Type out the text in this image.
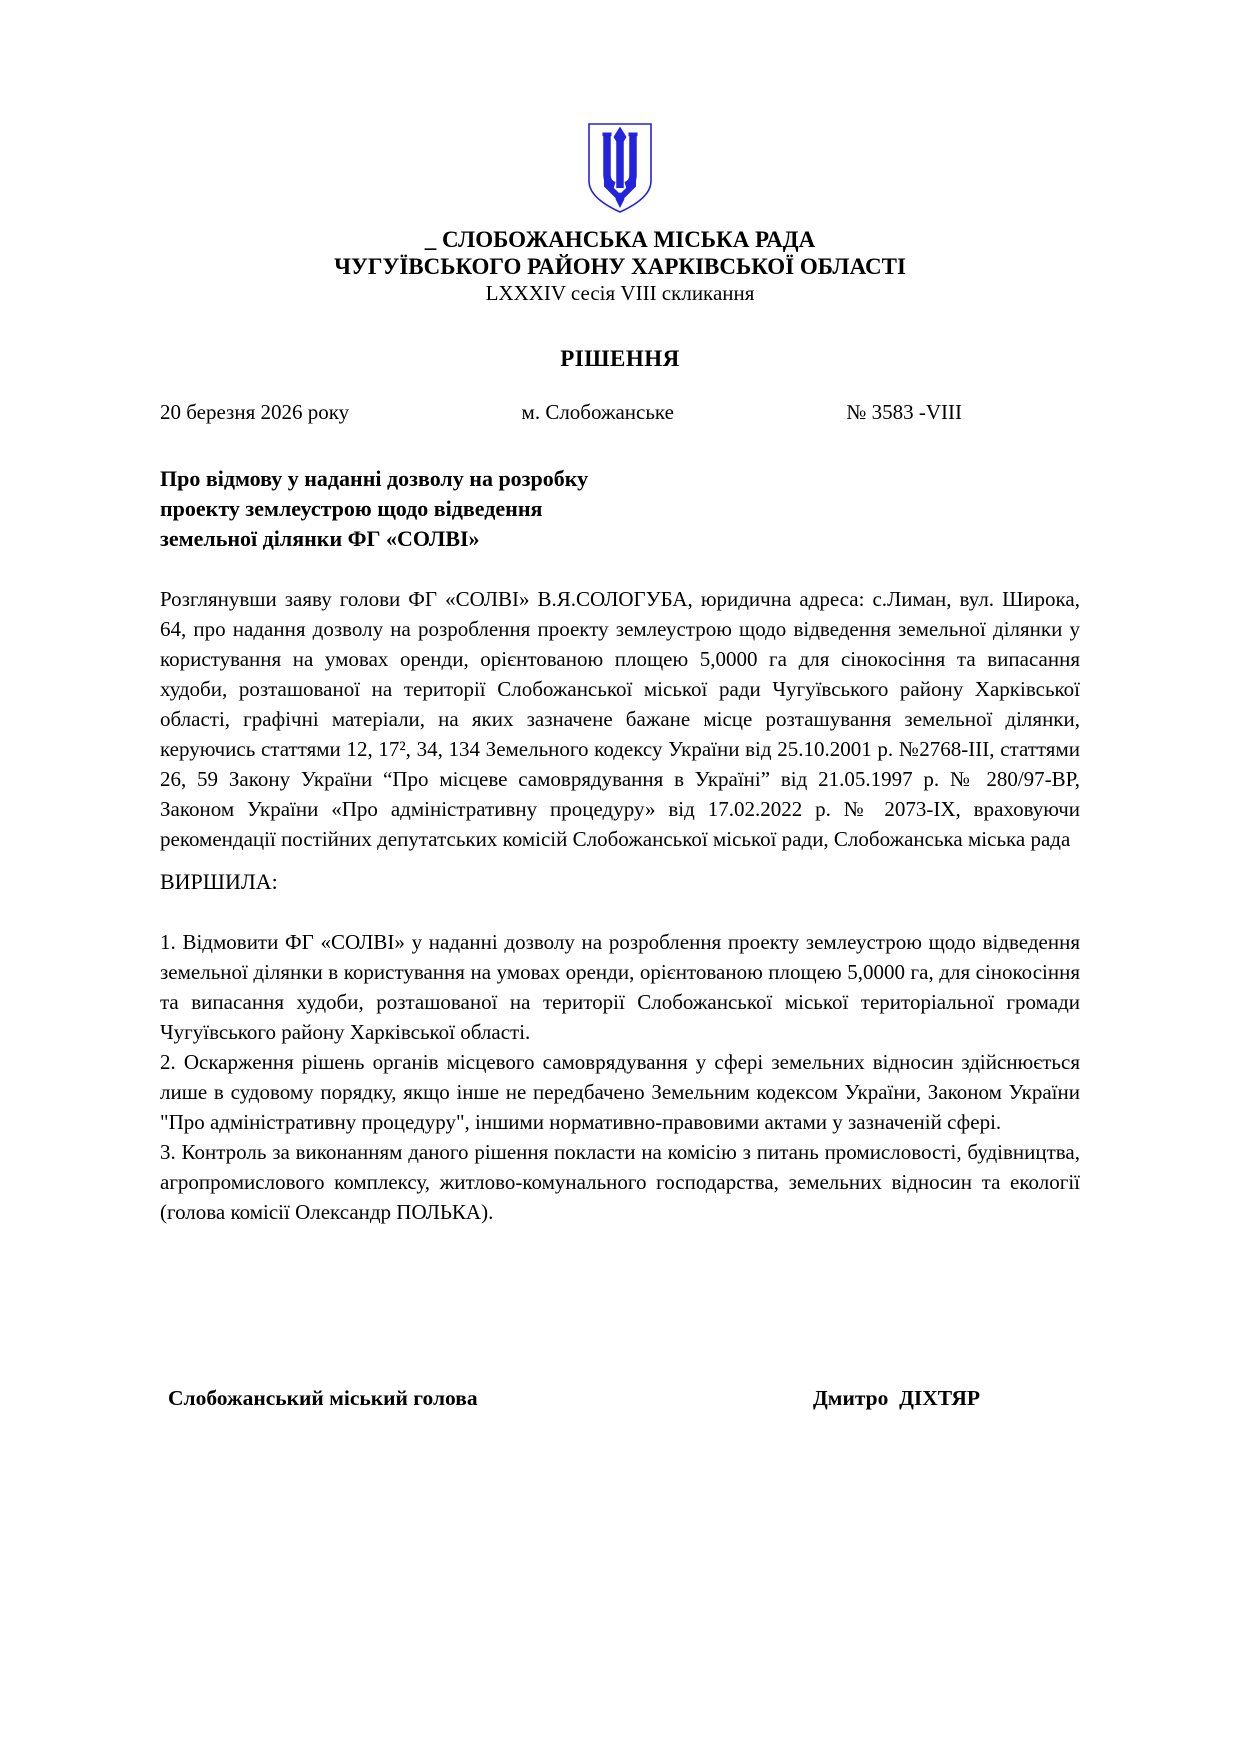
_ СЛОБОЖАНСЬКА МІСЬКА РАДА
ЧУГУЇВСЬКОГО РАЙОНУ ХАРКІВСЬКОЇ ОБЛАСТІ
LXXXIV сесія VIII скликання
РІШЕННЯ
20 березня 2026 року	м. Слобожанське	№ 3583 -VIII
Про відмову у наданні дозволу на розробку
проекту землеустрою щодо відведення
земельної ділянки ФГ «СОЛВІ»

Розглянувши заяву голови ФГ «СОЛВІ» В.Я.СОЛОГУБА, юридична адреса: с.Лиман, вул. Широка, 64, про надання дозволу на розроблення проекту землеустрою щодо відведення земельної ділянки у користування на умовах оренди, орієнтованою площею 5,0000 га для сінокосіння та випасання худоби, розташованої на території Слобожанської міської ради Чугуївського району Харківської області, графічні матеріали, на яких зазначене бажане місце розташування земельної ділянки, керуючись статтями 12, 17², 34, 134 Земельного кодексу України від 25.10.2001 р. №2768-ІІІ, статтями 26, 59 Закону України “Про місцеве самоврядування в Україні” від 21.05.1997 р. № 280/97-ВР, Законом України «Про адміністративну процедуру» від 17.02.2022 р. № 2073-ІХ, враховуючи рекомендації постійних депутатських комісій Слобожанської міської ради, Слобожанська міська рада

ВИРШИЛА:

1. Відмовити ФГ «СОЛВІ» у наданні дозволу на розроблення проекту землеустрою щодо відведення земельної ділянки в користування на умовах оренди, орієнтованою площею 5,0000 га, для сінокосіння та випасання худоби, розташованої на території Слобожанської міської територіальної громади Чугуївського району Харківської області.

2. Оскарження рішень органів місцевого самоврядування у сфері земельних відносин здійснюється лише в судовому порядку, якщо інше не передбачено Земельним кодексом України, Законом України "Про адміністративну процедуру", іншими нормативно-правовими актами у зазначеній сфері.

3. Контроль за виконанням даного рішення покласти на комісію з питань промисловості, будівництва, агропромислового комплексу, житлово-комунального господарства, земельних відносин та екології (голова комісії Олександр ПОЛЬКА).

Слобожанський міський голова	Дмитро  ДІХТЯР
